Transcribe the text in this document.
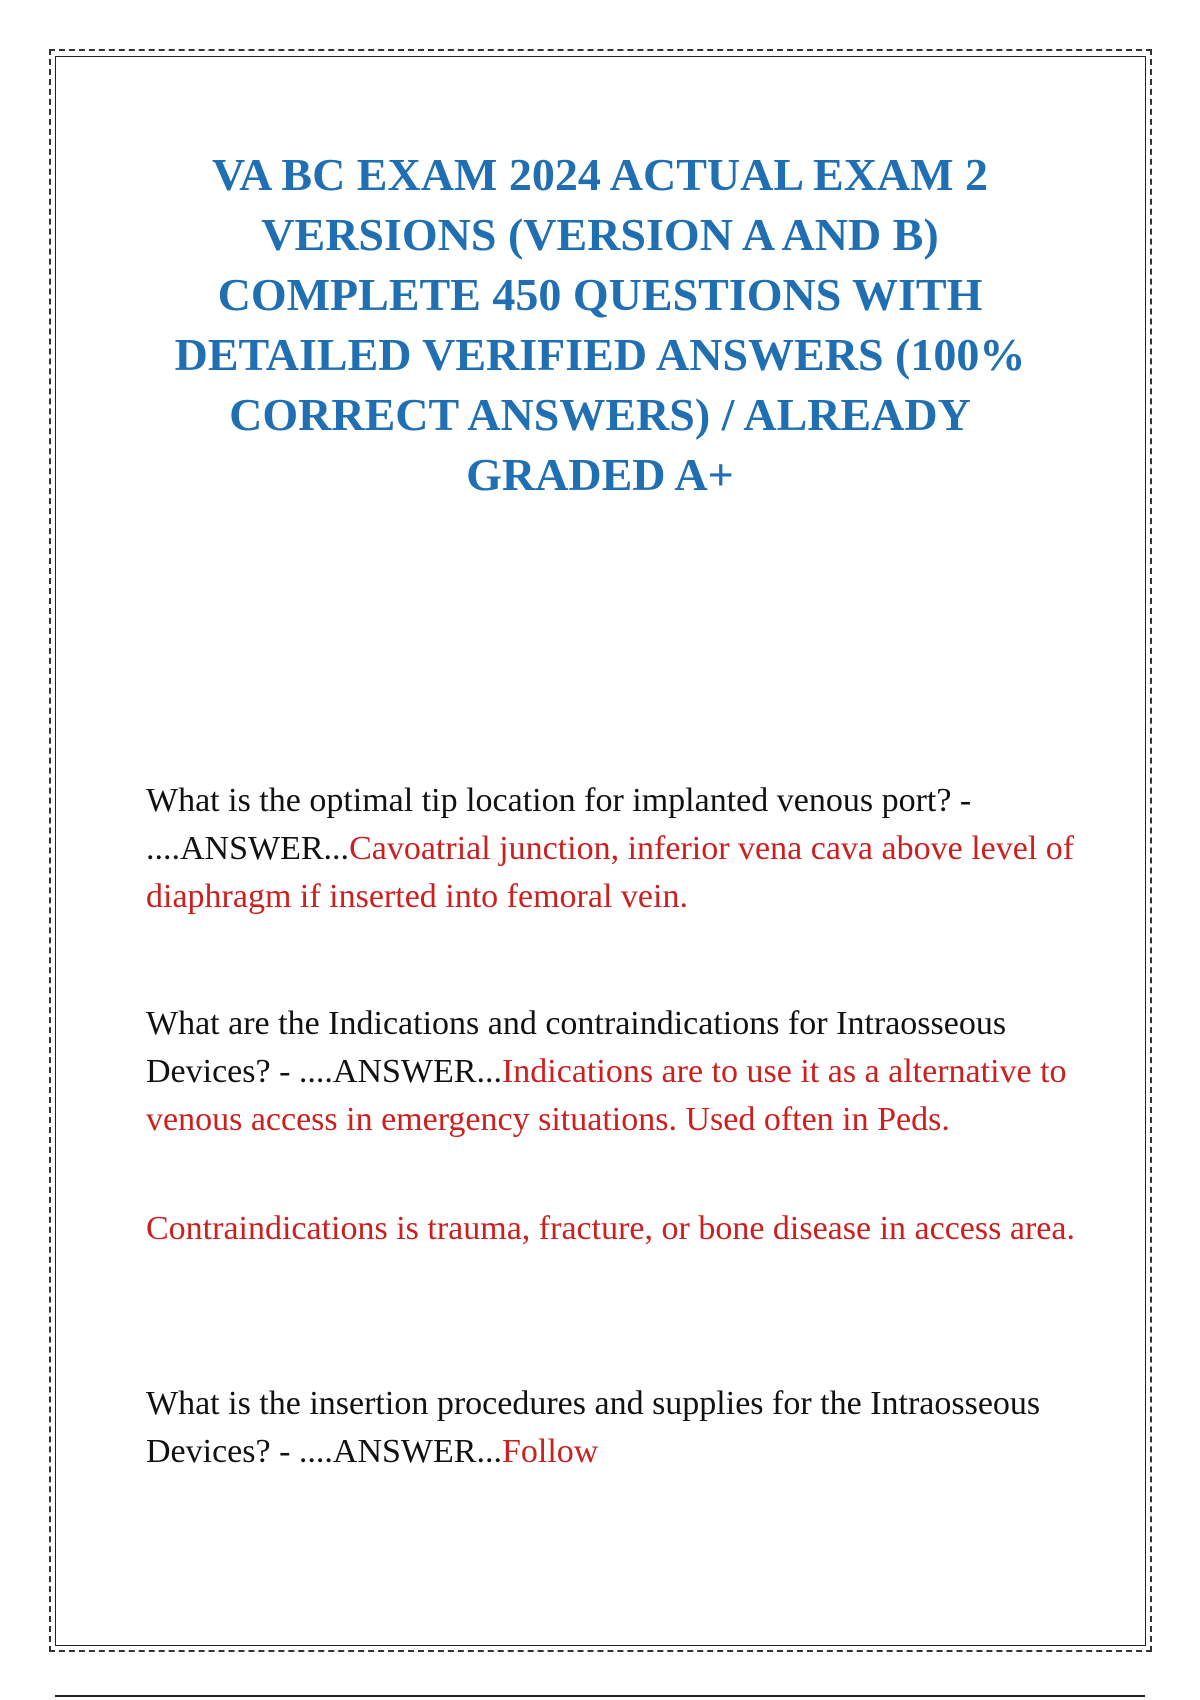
VA BC EXAM 2024 ACTUAL EXAM 2 VERSIONS (VERSION A AND B) COMPLETE 450 QUESTIONS WITH DETAILED VERIFIED ANSWERS (100% CORRECT ANSWERS) / ALREADY GRADED A+

What is the optimal tip location for implanted venous port? - ....ANSWER...Cavoatrial junction, inferior vena cava above level of diaphragm if inserted into femoral vein.

What are the Indications and contraindications for Intraosseous Devices? - ....ANSWER...Indications are to use it as a alternative to venous access in emergency situations. Used often in Peds.

Contraindications is trauma, fracture, or bone disease in access area.

What is the insertion procedures and supplies for the Intraosseous Devices? - ....ANSWER...Follow
